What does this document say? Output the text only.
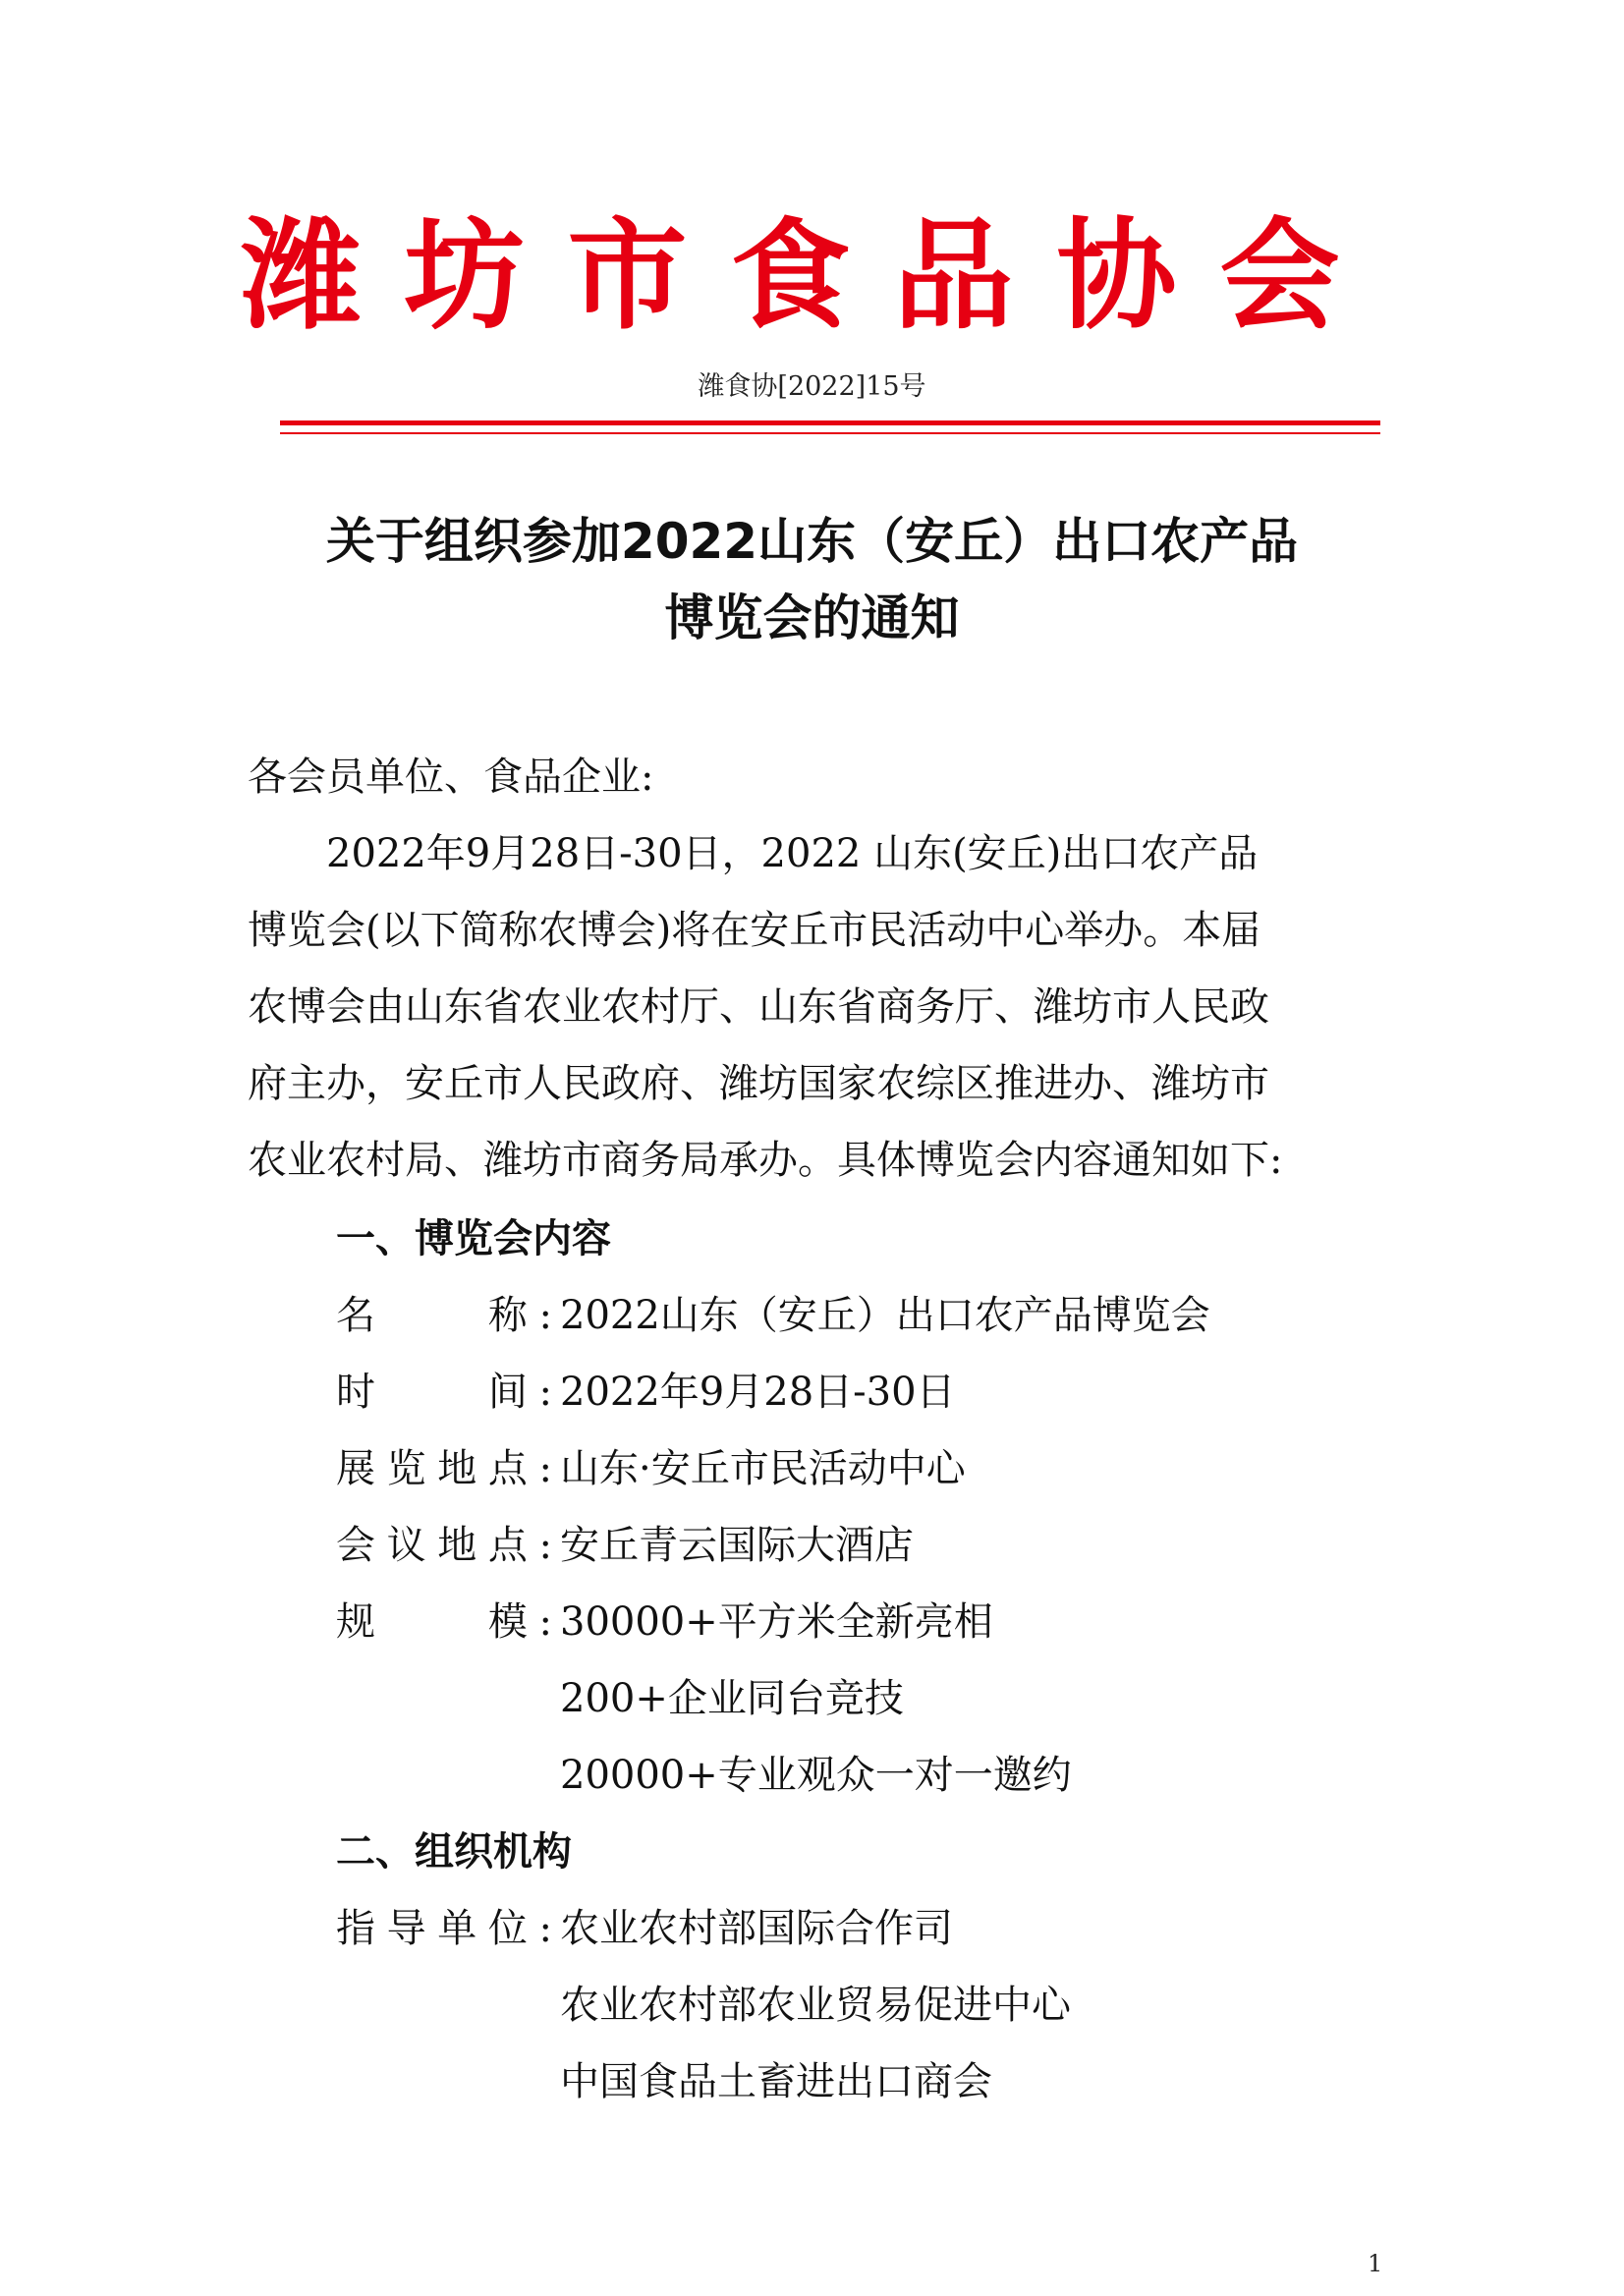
潍坊市食品协会
潍食协[2022]15号
关于组织参加2022山东（安丘）出口农产品
博览会的通知
各会员单位、食品企业:
　　2022年9月28日-30日，2022 山东(安丘)出口农产品
博览会(以下简称农博会)将在安丘市民活动中心举办。本届
农博会由山东省农业农村厅、山东省商务厅、潍坊市人民政
府主办，安丘市人民政府、潍坊国家农综区推进办、潍坊市
农业农村局、潍坊市商务局承办。具体博览会内容通知如下:
一、博览会内容
名　　称: 2022山东（安丘）出口农产品博览会
时　　间: 2022年9月28日-30日
展览地点: 山东·安丘市民活动中心
会议地点: 安丘青云国际大酒店
规　　模: 30000+平方米全新亮相
200+企业同台竞技
20000+专业观众一对一邀约
二、组织机构
指导单位: 农业农村部国际合作司
农业农村部农业贸易促进中心
中国食品土畜进出口商会
1
